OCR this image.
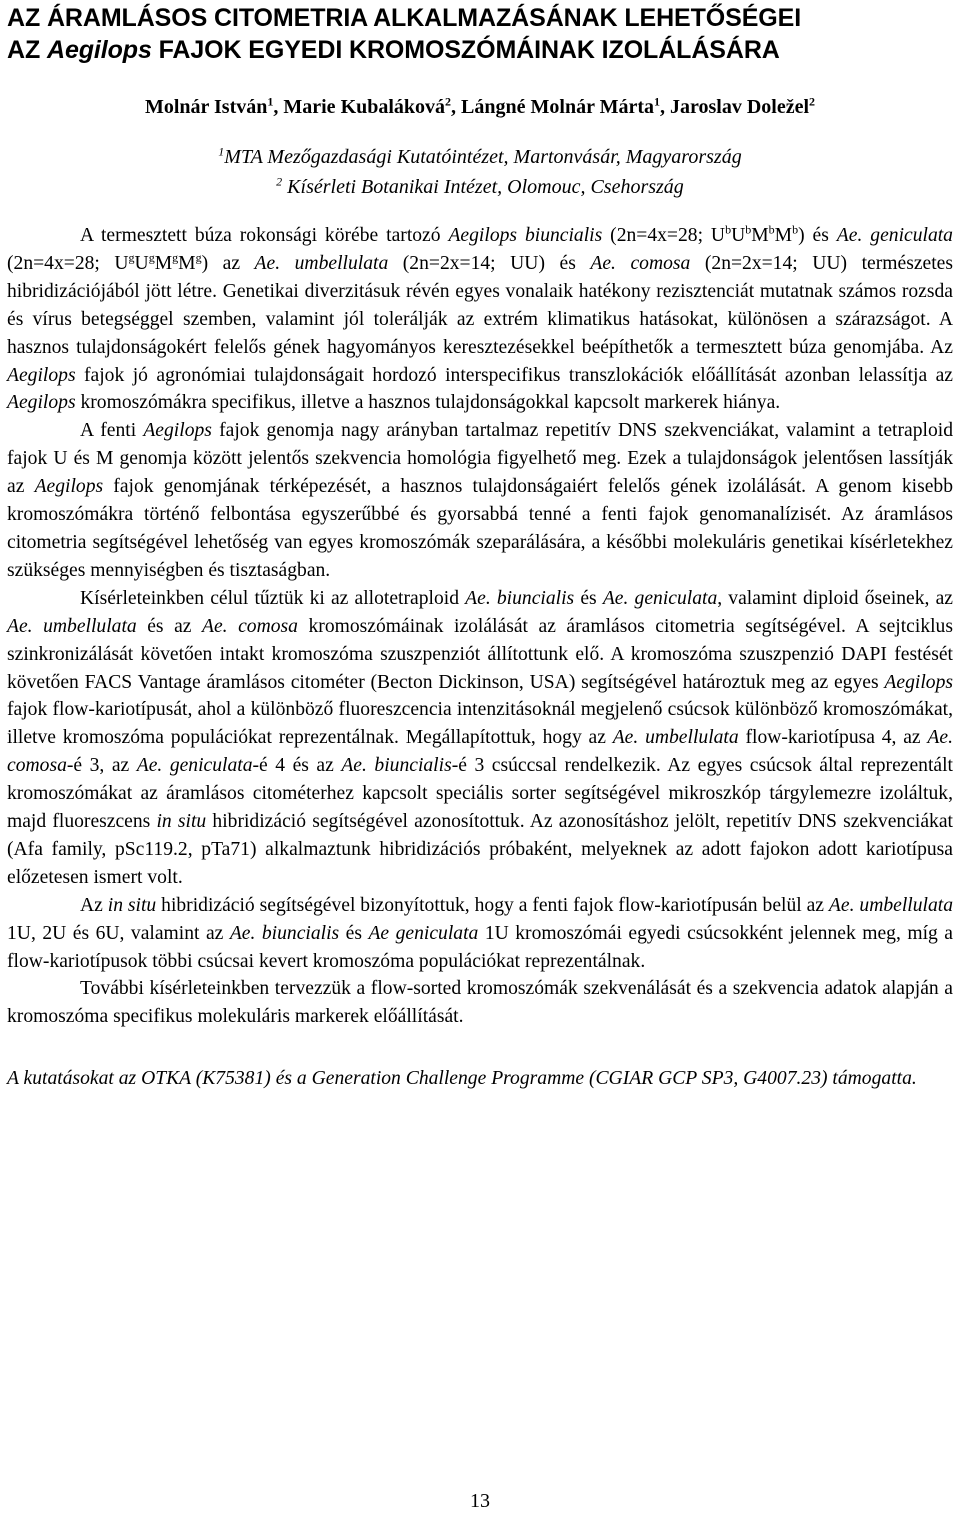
AZ ÁRAMLÁSOS CITOMETRIA ALKALMAZÁSÁNAK LEHETŐSÉGEI
AZ Aegilops FAJOK EGYEDI KROMOSZÓMÁINAK IZOLÁLÁSÁRA
Molnár István$^1$, Marie Kubaláková$^2$, Lángné Molnár Márta$^1$, Jaroslav Doležel$^2$
$^1$MTA Mezőgazdasági Kutatóintézet, Martonvásár, Magyarország
$^2$ Kísérleti Botanikai Intézet, Olomouc, Csehország

A termesztett búza rokonsági körébe tartozó Aegilops biuncialis (2n=4x=28; $U^bU^bM^bM^b$) és Ae. geniculata (2n=4x=28; $U^gU^gM^gM^g$) az Ae. umbellulata (2n=2x=14; UU) és Ae. comosa (2n=2x=14; UU) természetes hibridizációjából jött létre. Genetikai diverzitásuk révén egyes vonalaik hatékony rezisztenciát mutatnak számos rozsda és vírus betegséggel szemben, valamint jól tolerálják az extrém klimatikus hatásokat, különösen a szárazságot. A hasznos tulajdonságokért felelős gének hagyományos keresztezésekkel beépíthetők a termesztett búza genomjába. Az Aegilops fajok jó agronómiai tulajdonságait hordozó interspecifikus transzlokációk előállítását azonban lelassítja az Aegilops kromoszómákra specifikus, illetve a hasznos tulajdonságokkal kapcsolt markerek hiánya.

A fenti Aegilops fajok genomja nagy arányban tartalmaz repetitív DNS szekvenciákat, valamint a tetraploid fajok U és M genomja között jelentős szekvencia homológia figyelhető meg. Ezek a tulajdonságok jelentősen lassítják az Aegilops fajok genomjának térképezését, a hasznos tulajdonságaiért felelős gének izolálását. A genom kisebb kromoszómákra történő felbontása egyszerűbbé és gyorsabbá tenné a fenti fajok genomanalízisét. Az áramlásos citometria segítségével lehetőség van egyes kromoszómák szeparálására, a későbbi molekuláris genetikai kísérletekhez szükséges mennyiségben és tisztaságban.

Kísérleteinkben célul tűztük ki az allotetraploid Ae. biuncialis és Ae. geniculata, valamint diploid őseinek, az Ae. umbellulata és az Ae. comosa kromoszómáinak izolálását az áramlásos citometria segítségével. A sejtciklus szinkronizálását követően intakt kromoszóma szuszpenziót állítottunk elő. A kromoszóma szuszpenzió DAPI festését követően FACS Vantage áramlásos citométer (Becton Dickinson, USA) segítségével határoztuk meg az egyes Aegilops fajok flow-kariotípusát, ahol a különböző fluoreszcencia intenzitásoknál megjelenő csúcsok különböző kromoszómákat, illetve kromoszóma populációkat reprezentálnak. Megállapítottuk, hogy az Ae. umbellulata flow-kariotípusa 4, az Ae. comosa-é 3, az Ae. geniculata-é 4 és az Ae. biuncialis-é 3 csúccsal rendelkezik. Az egyes csúcsok által reprezentált kromoszómákat az áramlásos citométerhez kapcsolt speciális sorter segítségével mikroszkóp tárgylemezre izoláltuk, majd fluoreszcens in situ hibridizáció segítségével azonosítottuk. Az azonosításhoz jelölt, repetitív DNS szekvenciákat (Afa family, pSc119.2, pTa71) alkalmaztunk hibridizációs próbaként, melyeknek az adott fajokon adott kariotípusa előzetesen ismert volt.

Az in situ hibridizáció segítségével bizonyítottuk, hogy a fenti fajok flow-kariotípusán belül az Ae. umbellulata 1U, 2U és 6U, valamint az Ae. biuncialis és Ae geniculata 1U kromoszómái egyedi csúcsokként jelennek meg, míg a flow-kariotípusok többi csúcsai kevert kromoszóma populációkat reprezentálnak.

További kísérleteinkben tervezzük a flow-sorted kromoszómák szekvenálását és a szekvencia adatok alapján a kromoszóma specifikus molekuláris markerek előállítását.

A kutatásokat az OTKA (K75381) és a Generation Challenge Programme (CGIAR GCP SP3, G4007.23) támogatta.
13
